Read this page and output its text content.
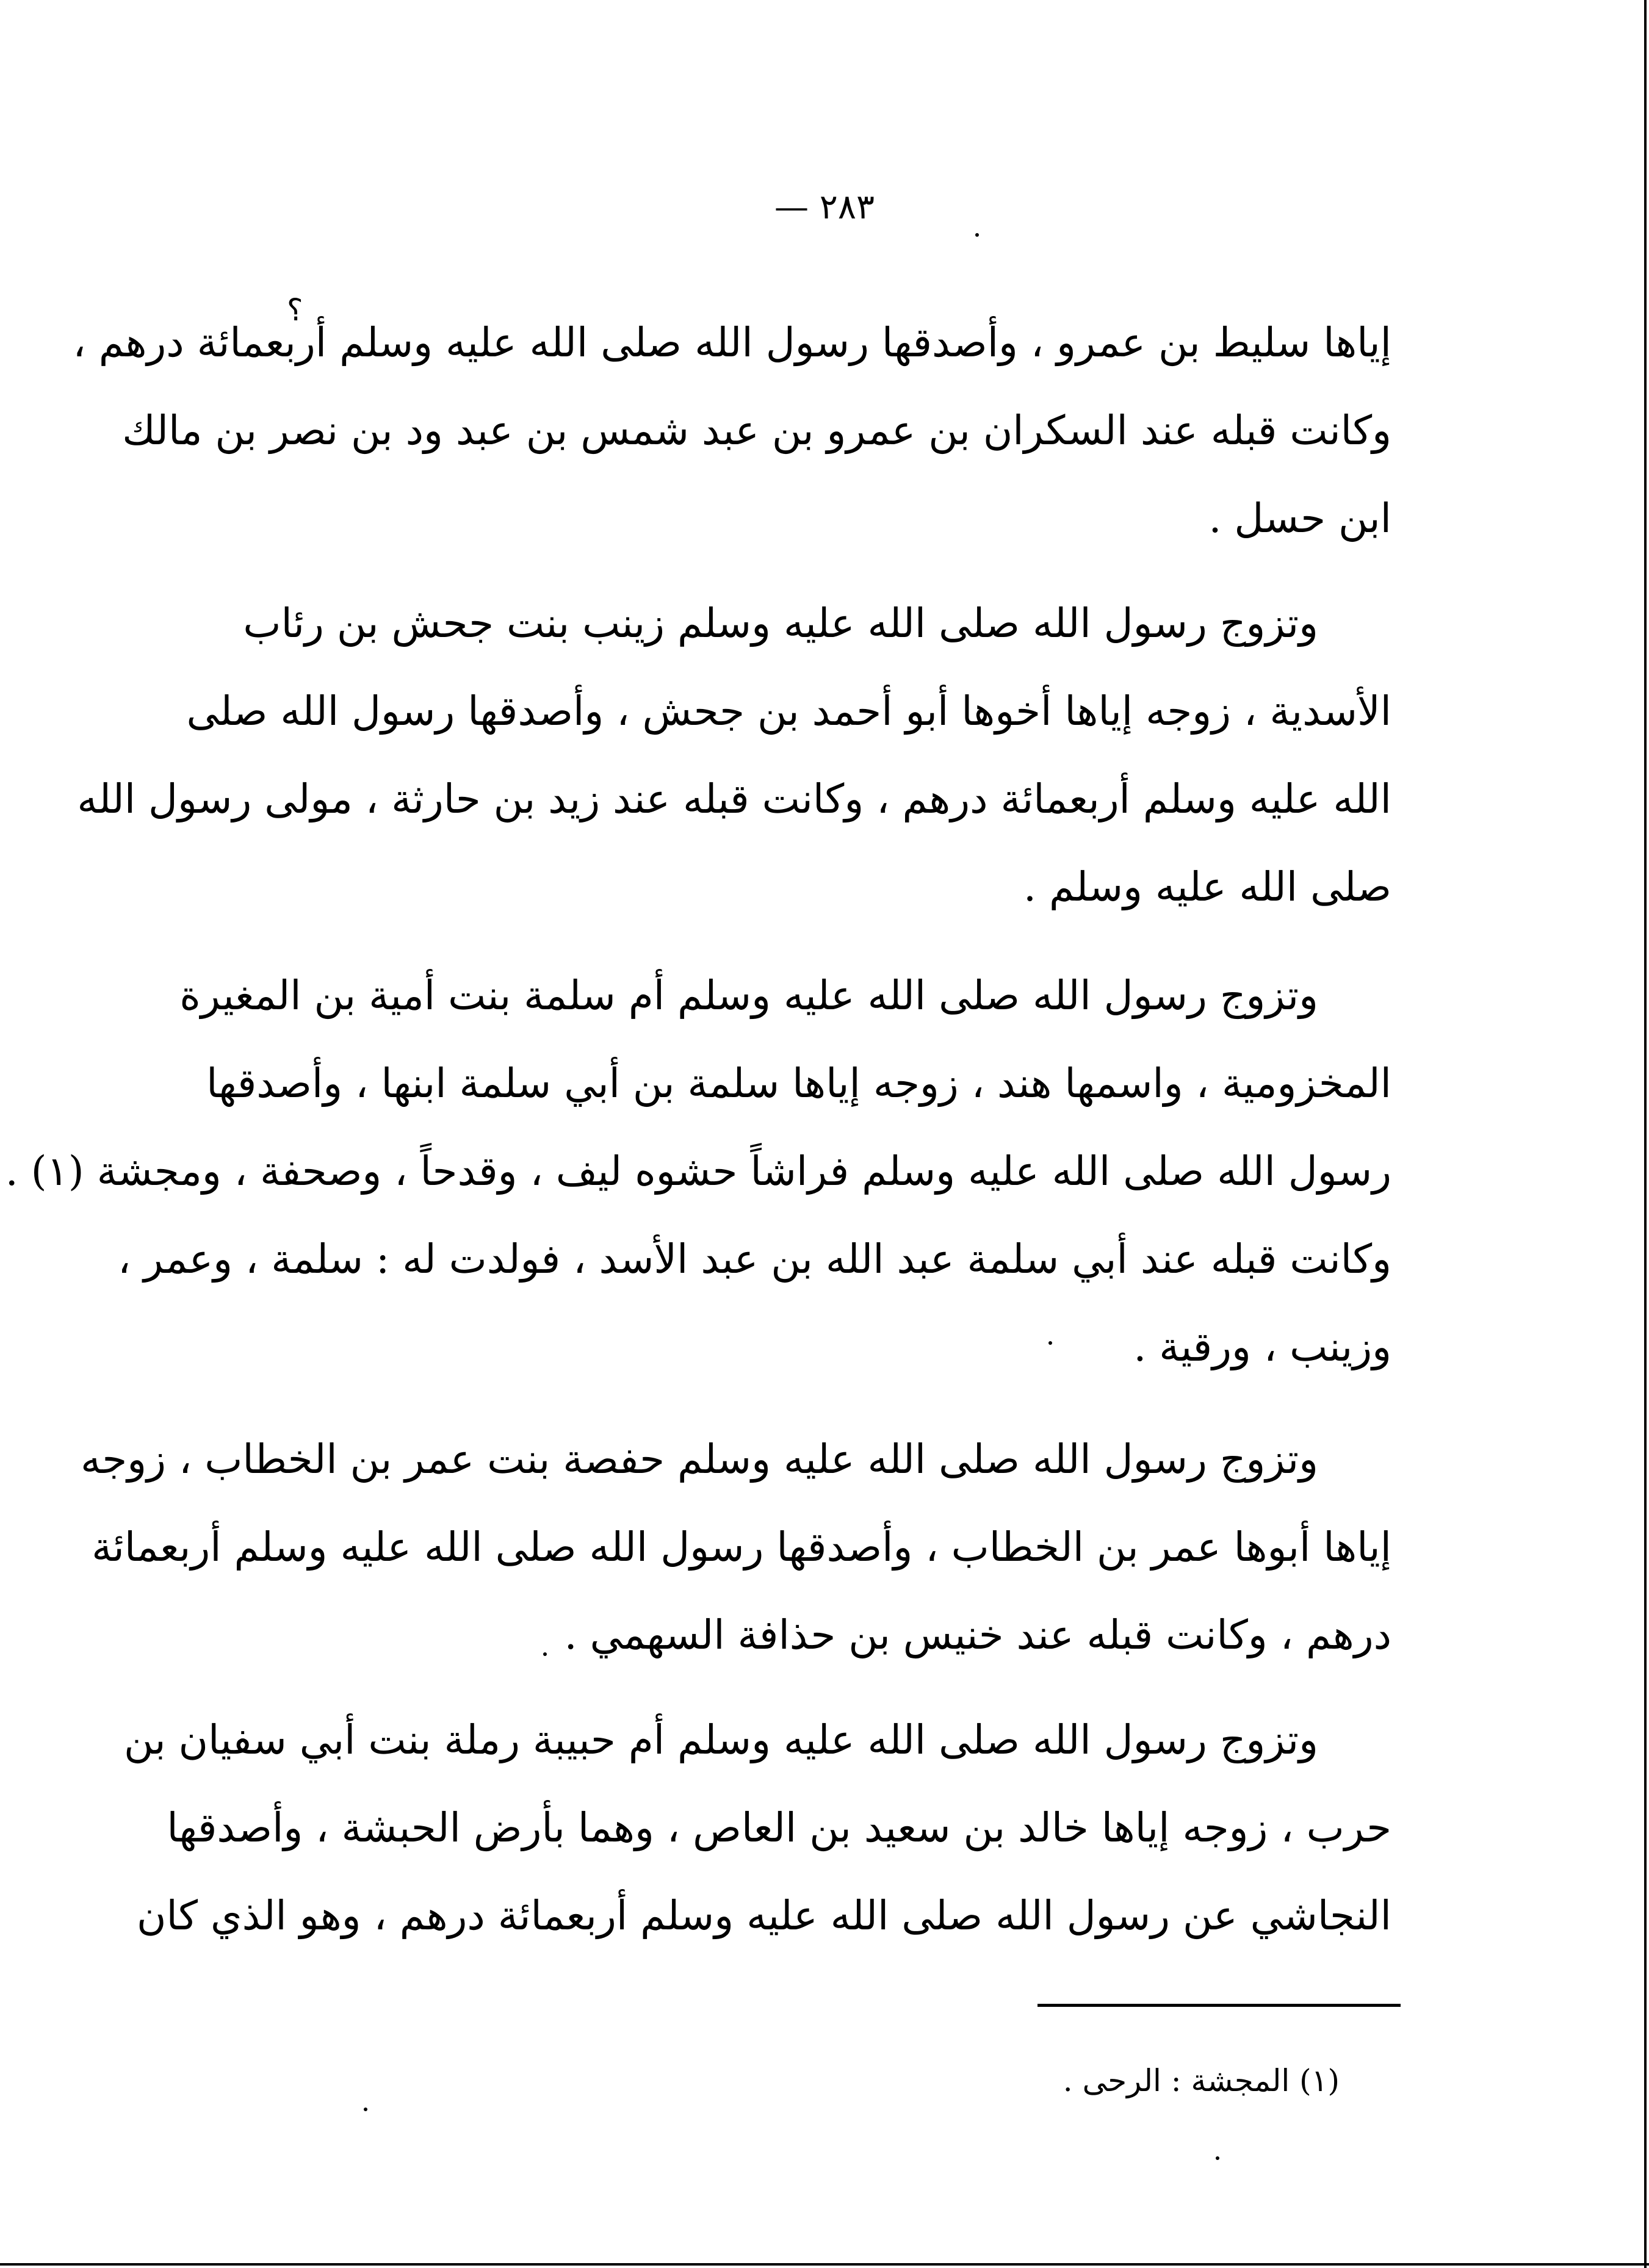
٢٨٣ —
؟
إياها سليط بن عمرو ، وأصدقها رسول الله صلى الله عليه وسلم أربعمائة درهم ،
وكانت قبله عند السكران بن عمرو بن عبد شمس بن عبد ود بن نصر بن مالك
ابن حسل .
وتزوج رسول الله صلى الله عليه وسلم زينب بنت جحش بن رئاب
الأسدية ، زوجه إياها أخوها أبو أحمد بن جحش ، وأصدقها رسول الله صلى
الله عليه وسلم أربعمائة درهم ، وكانت قبله عند زيد بن حارثة ، مولى رسول الله
صلى الله عليه وسلم .
وتزوج رسول الله صلى الله عليه وسلم أم سلمة بنت أمية بن المغيرة
المخزومية ، واسمها هند ، زوجه إياها سلمة بن أبي سلمة ابنها ، وأصدقها
رسول الله صلى الله عليه وسلم فراشاً حشوه ليف ، وقدحاً ، وصحفة ، ومجشة (١) .
وكانت قبله عند أبي سلمة عبد الله بن عبد الأسد ، فولدت له : سلمة ، وعمر ،
وزينب ، ورقية .
وتزوج رسول الله صلى الله عليه وسلم حفصة بنت عمر بن الخطاب ، زوجه
إياها أبوها عمر بن الخطاب ، وأصدقها رسول الله صلى الله عليه وسلم أربعمائة
درهم ، وكانت قبله عند خنيس بن حذافة السهمي .
وتزوج رسول الله صلى الله عليه وسلم أم حبيبة رملة بنت أبي سفيان بن
حرب ، زوجه إياها خالد بن سعيد بن العاص ، وهما بأرض الحبشة ، وأصدقها
النجاشي عن رسول الله صلى الله عليه وسلم أربعمائة درهم ، وهو الذي كان
(١) المجشة : الرحى .
